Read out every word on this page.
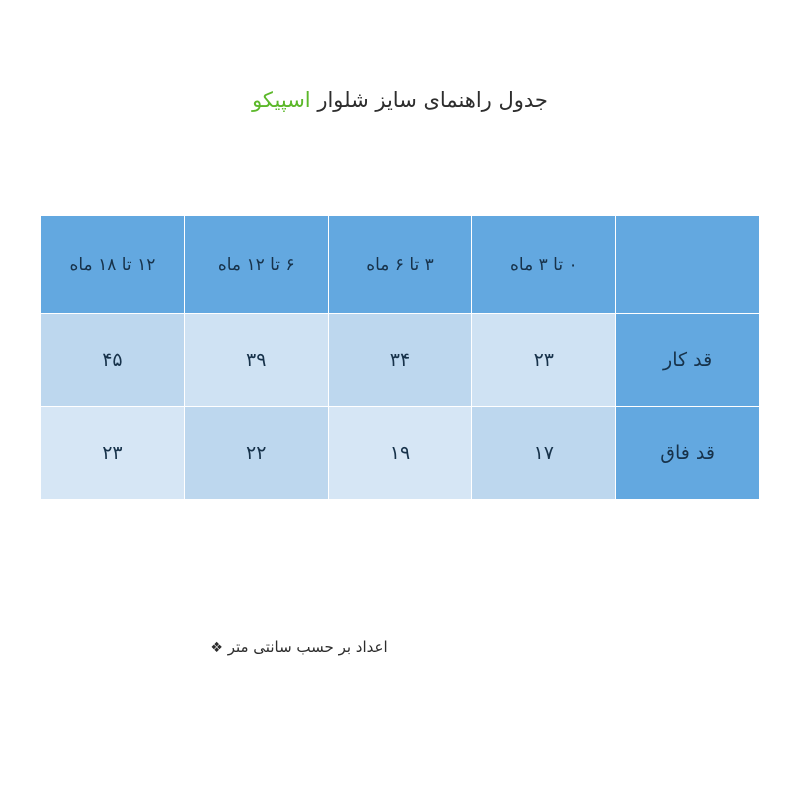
جدول راهنمای سایز شلوار اسپیکو
	۰ تا ۳ ماه	۳ تا ۶ ماه	۶ تا ۱۲ ماه	۱۲ تا ۱۸ ماه
قد کار	۲۳	۳۴	۳۹	۴۵
قد فاق	۱۷	۱۹	۲۲	۲۳
اعداد بر حسب سانتی متر ❖
